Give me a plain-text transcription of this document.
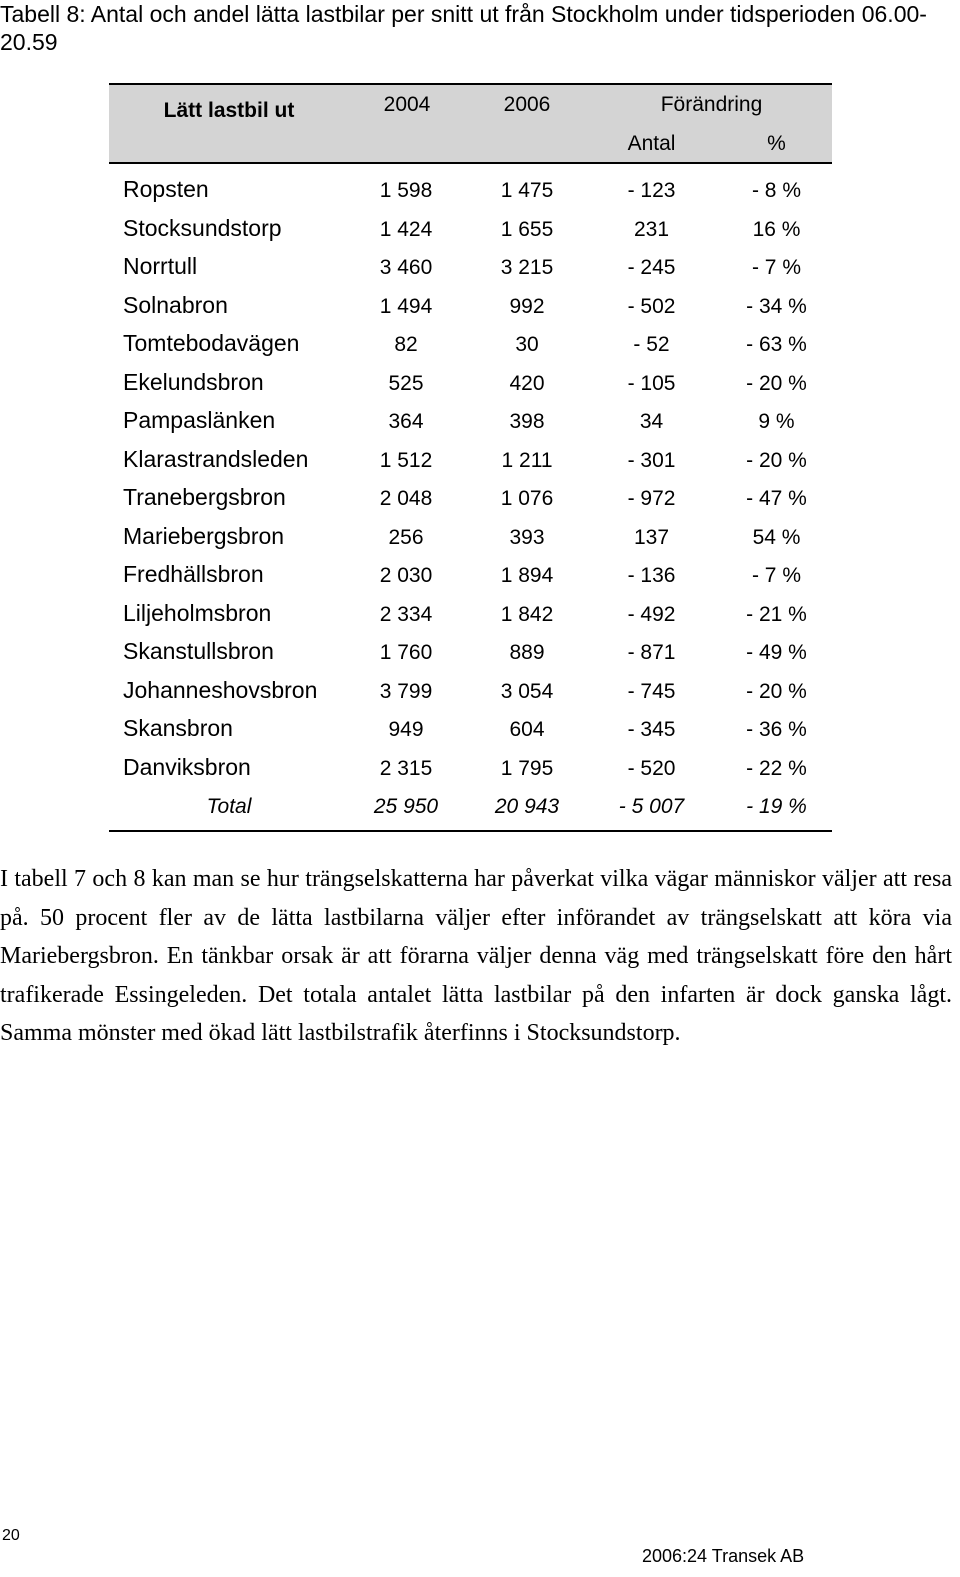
Tabell 8: Antal och andel lätta lastbilar per snitt ut från Stockholm under tidsperioden 06.00-20.59
Lätt lastbil ut	2004	2006	Förändring
Antal	%
Ropsten	1 598	1 475	- 123	- 8 %
Stocksundstorp	1 424	1 655	231	16 %
Norrtull	3 460	3 215	- 245	- 7 %
Solnabron	1 494	992	- 502	- 34 %
Tomtebodavägen	82	30	- 52	- 63 %
Ekelundsbron	525	420	- 105	- 20 %
Pampaslänken	364	398	34	9 %
Klarastrandsleden	1 512	1 211	- 301	- 20 %
Tranebergsbron	2 048	1 076	- 972	- 47 %
Mariebergsbron	256	393	137	54 %
Fredhällsbron	2 030	1 894	- 136	- 7 %
Liljeholmsbron	2 334	1 842	- 492	- 21 %
Skanstullsbron	1 760	889	- 871	- 49 %
Johanneshovsbron	3 799	3 054	- 745	- 20 %
Skansbron	949	604	- 345	- 36 %
Danviksbron	2 315	1 795	- 520	- 22 %
Total	25 950	20 943	- 5 007	- 19 %

I tabell 7 och 8 kan man se hur trängselskatterna har påverkat vilka vägar människor väljer att resa på. 50 procent fler av de lätta lastbilarna väljer efter införandet av trängselskatt att köra via Mariebergsbron. En tänkbar orsak är att förarna väljer denna väg med trängselskatt före den hårt trafikerade Essingeleden. Det totala antalet lätta lastbilar på den infarten är dock ganska lågt. Samma mönster med ökad lätt lastbilstrafik återfinns i Stocksundstorp.

20
2006:24 Transek AB
